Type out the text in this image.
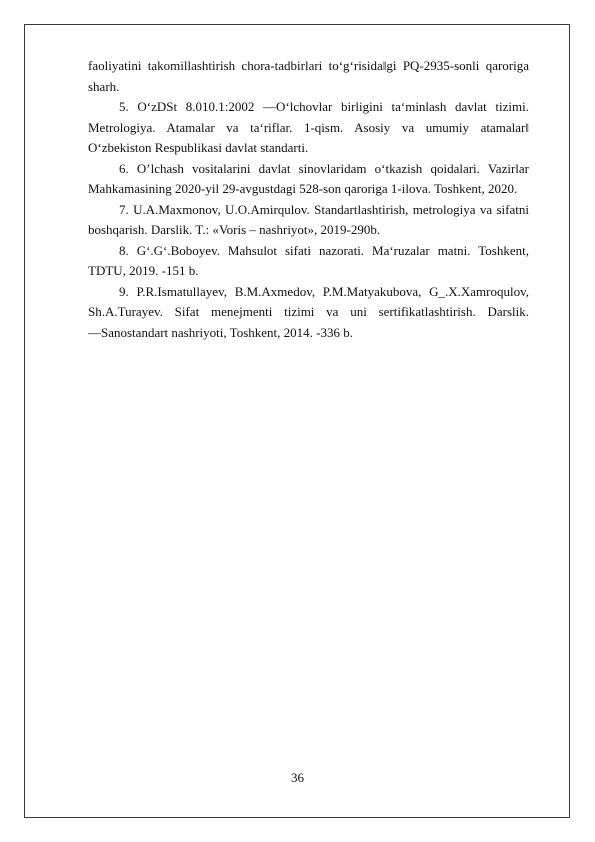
faoliyatini takomillashtirish chora-tadbirlari to‘g‘risida‖gi PQ-2935-sonli qaroriga sharh.

5. O‘zDSt 8.010.1:2002 ―O‘lchovlar birligini ta‘minlash davlat tizimi. Metrologiya. Atamalar va ta‘riflar. 1-qism. Asosiy va umumiy atamalar‖ O‘zbekiston Respublikasi davlat standarti.

6. O’lchash vositalarini davlat sinovlaridam o‘tkazish qoidalari. Vazirlar Mahkamasining 2020-yil 29-avgustdagi 528-son qaroriga 1-ilova. Toshkent, 2020.

7. U.A.Maxmonov, U.O.Amirqulov. Standartlashtirish, metrologiya va sifatni boshqarish. Darslik. T.: «Voris – nashriyot», 2019-290b.

8. G‘.G‘.Boboyev. Mahsulot sifati nazorati. Ma‘ruzalar matni. Toshkent, TDTU, 2019. -151 b.

9. P.R.Ismatullayev, B.M.Axmedov, P.M.Matyakubova, G_.X.Xamroqulov, Sh.A.Turayev. Sifat menejmenti tizimi va uni sertifikatlashtirish. Darslik. ―Sanostandart nashriyoti, Toshkent, 2014. -336 b.

36
